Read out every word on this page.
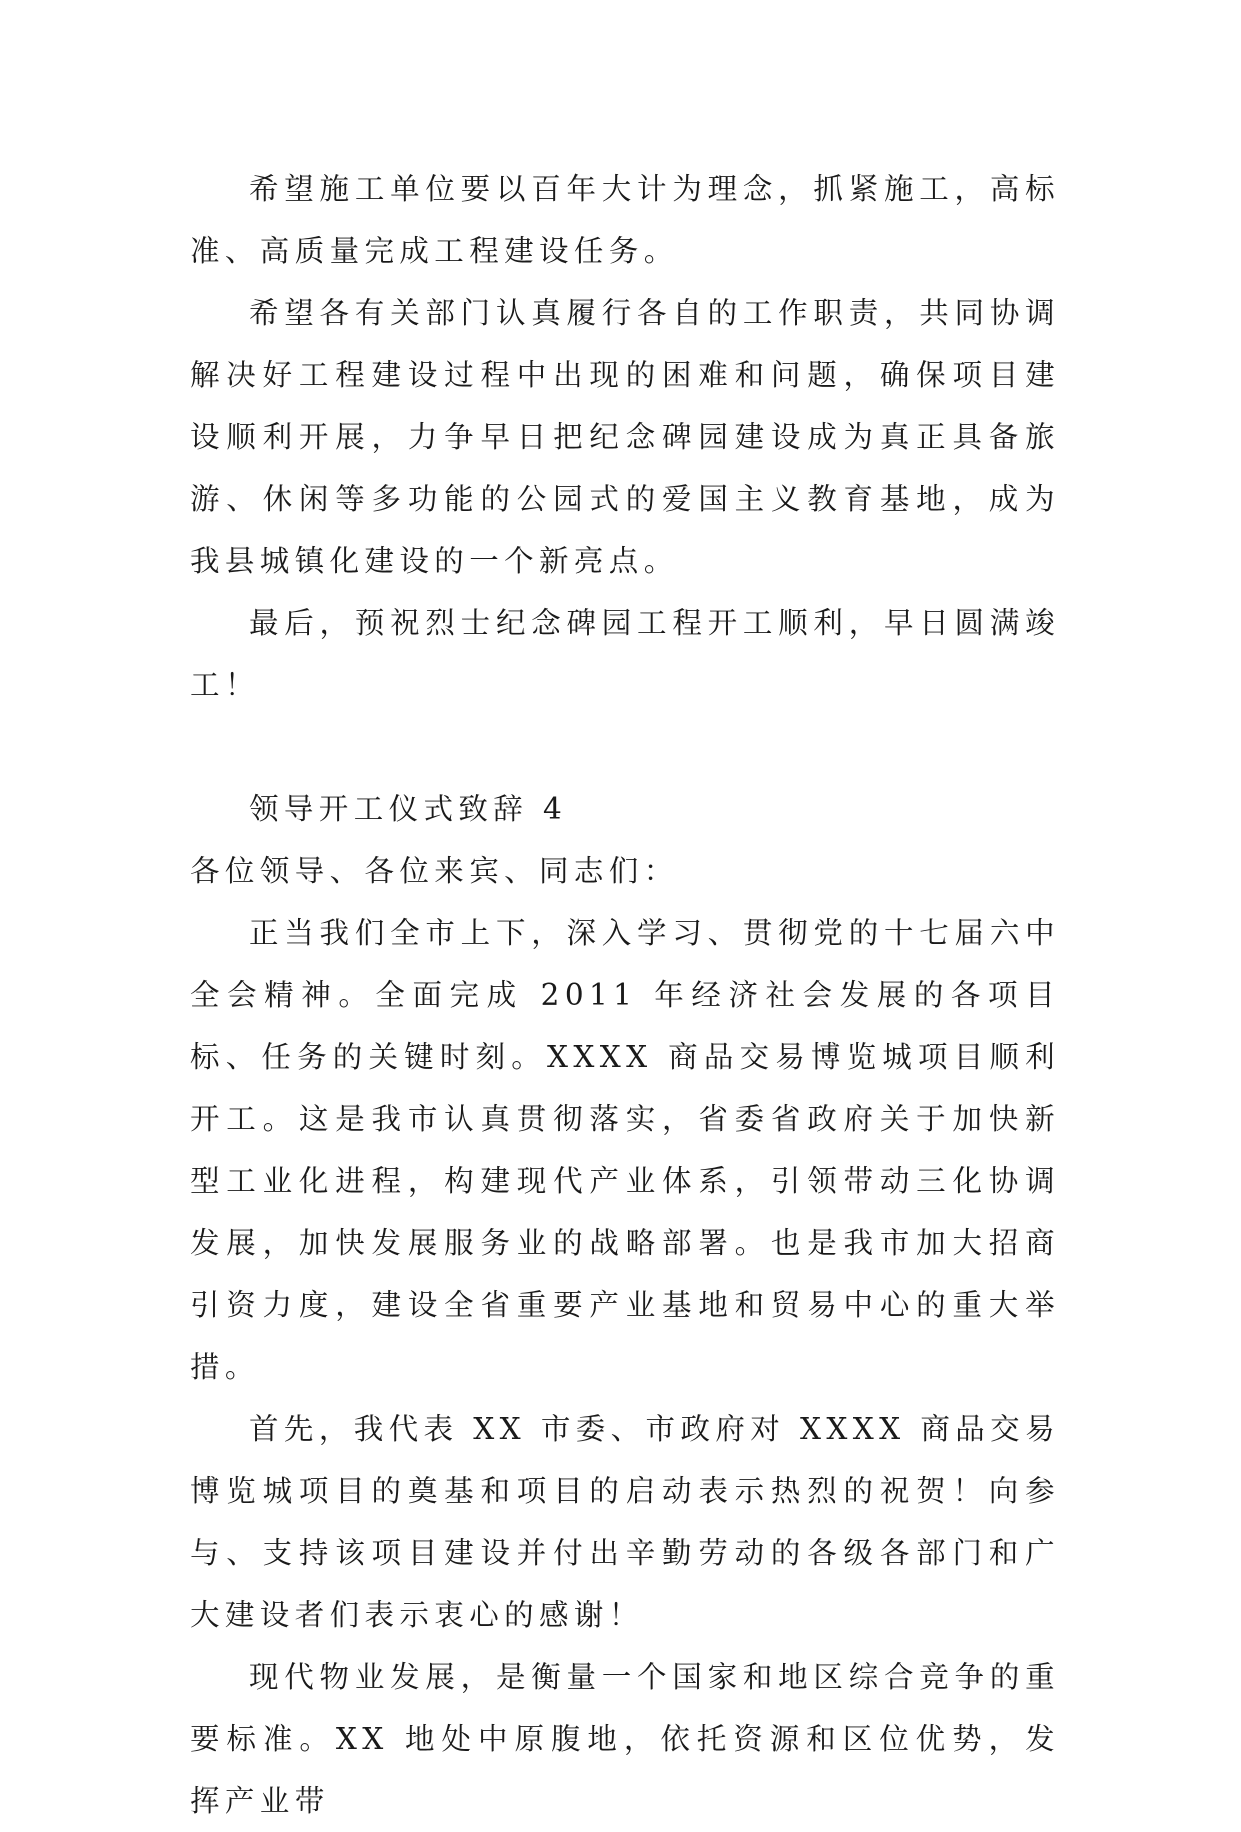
希望施工单位要以百年大计为理念，抓紧施工，高标准、高质量完成工程建设任务。

希望各有关部门认真履行各自的工作职责，共同协调解决好工程建设过程中出现的困难和问题，确保项目建设顺利开展，力争早日把纪念碑园建设成为真正具备旅游、休闲等多功能的公园式的爱国主义教育基地，成为我县城镇化建设的一个新亮点。

最后，预祝烈士纪念碑园工程开工顺利，早日圆满竣工！

领导开工仪式致辞 4

各位领导、各位来宾、同志们：

正当我们全市上下，深入学习、贯彻党的十七届六中全会精神。全面完成 2011 年经济社会发展的各项目标、任务的关键时刻。XXXX 商品交易博览城项目顺利开工。这是我市认真贯彻落实，省委省政府关于加快新型工业化进程，构建现代产业体系，引领带动三化协调发展，加快发展服务业的战略部署。也是我市加大招商引资力度，建设全省重要产业基地和贸易中心的重大举措。

首先，我代表 XX 市委、市政府对 XXXX 商品交易博览城项目的奠基和项目的启动表示热烈的祝贺！向参与、支持该项目建设并付出辛勤劳动的各级各部门和广大建设者们表示衷心的感谢！

现代物业发展，是衡量一个国家和地区综合竞争的重要标准。XX 地处中原腹地，依托资源和区位优势，发挥产业带
